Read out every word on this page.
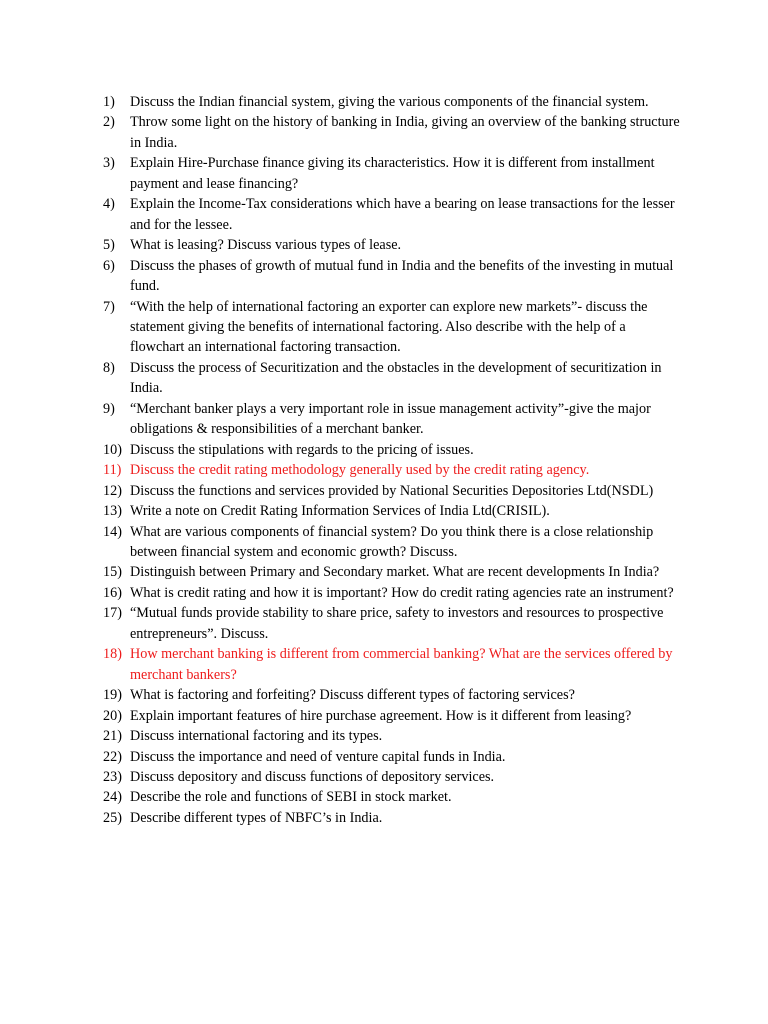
1)	Discuss the Indian financial system, giving the various components of the financial system.
2)	Throw some light on the history of banking in India, giving an overview of the banking structure in India.
3)	Explain Hire-Purchase finance giving its characteristics. How it is different from installment payment and lease financing?
4)	Explain the Income-Tax considerations which have a bearing on lease transactions for the lesser and for the lessee.
5)	What is leasing? Discuss various types of lease.
6)	Discuss the phases of growth of mutual fund in India and the benefits of the investing in mutual fund.
7)	“With the help of international factoring an exporter can explore new markets”- discuss the statement giving the benefits of international factoring. Also describe with the help of a flowchart an international factoring transaction.
8)	Discuss the process of Securitization and the obstacles in the development of securitization in India.
9)	“Merchant banker plays a very important role in issue management activity”-give the major obligations & responsibilities of a merchant banker.
10) Discuss the stipulations with regards to the pricing of issues.
11) Discuss the credit rating methodology generally used by the credit rating agency.
12) Discuss the functions and services provided by National Securities Depositories Ltd(NSDL)
13) Write a note on Credit Rating Information Services of India Ltd(CRISIL).
14) What are various components of financial system? Do you think there is a close relationship between financial system and economic growth? Discuss.
15) Distinguish between Primary and Secondary market. What are recent developments In India?
16) What is credit rating and how it is important? How do credit rating agencies rate an instrument?
17) “Mutual funds provide stability to share price, safety to investors and resources to prospective entrepreneurs”. Discuss.
18) How merchant banking is different from commercial banking? What are the services offered by merchant bankers?
19) What is factoring and forfeiting? Discuss different types of factoring services?
20) Explain important features of hire purchase agreement. How is it different from leasing?
21) Discuss international factoring and its types.
22) Discuss the importance and need of venture capital funds in India.
23) Discuss depository and discuss functions of depository services.
24) Describe the role and functions of SEBI in stock market.
25) Describe different types of NBFC’s in India.
